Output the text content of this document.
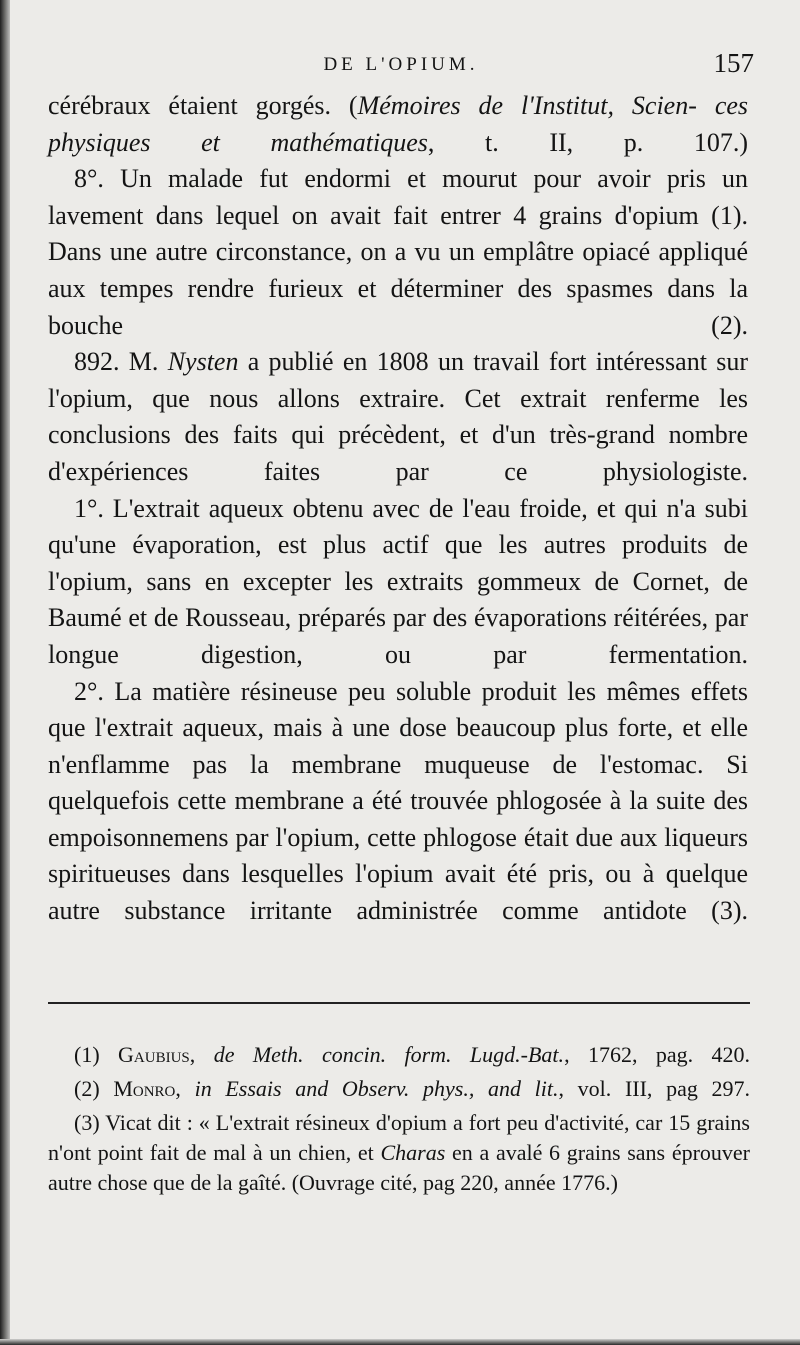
DE L'OPIUM.	157

cérébraux étaient gorgés. (Mémoires de l'Institut, Scien- ces physiques et mathématiques, t. II, p. 107.)

8°. Un malade fut endormi et mourut pour avoir pris un lavement dans lequel on avait fait entrer 4 grains d'opium (1). Dans une autre circonstance, on a vu un emplâtre opiacé appliqué aux tempes rendre furieux et déterminer des spasmes dans la bouche (2).

892. M. Nysten a publié en 1808 un travail fort intéressant sur l'opium, que nous allons extraire. Cet extrait renferme les conclusions des faits qui précèdent, et d'un très-grand nombre d'expériences faites par ce physiologiste.

1°. L'extrait aqueux obtenu avec de l'eau froide, et qui n'a subi qu'une évaporation, est plus actif que les autres produits de l'opium, sans en excepter les extraits gommeux de Cornet, de Baumé et de Rousseau, préparés par des évaporations réitérées, par longue digestion, ou par fermentation.

2°. La matière résineuse peu soluble produit les mêmes effets que l'extrait aqueux, mais à une dose beaucoup plus forte, et elle n'enflamme pas la membrane muqueuse de l'estomac. Si quelquefois cette membrane a été trouvée phlogosée à la suite des empoisonnemens par l'opium, cette phlogose était due aux liqueurs spiritueuses dans lesquelles l'opium avait été pris, ou à quelque autre substance irritante administrée comme antidote (3).

(1) Gaubius, de Meth. concin. form. Lugd.-Bat., 1762, pag. 420.

(2) Monro, in Essais and Observ. phys., and lit., vol. III, pag 297.

(3) Vicat dit : « L'extrait résineux d'opium a fort peu d'activité, car 15 grains n'ont point fait de mal à un chien, et Charas en a avalé 6 grains sans éprouver autre chose que de la gaîté. (Ouvrage cité, pag 220, année 1776.)
